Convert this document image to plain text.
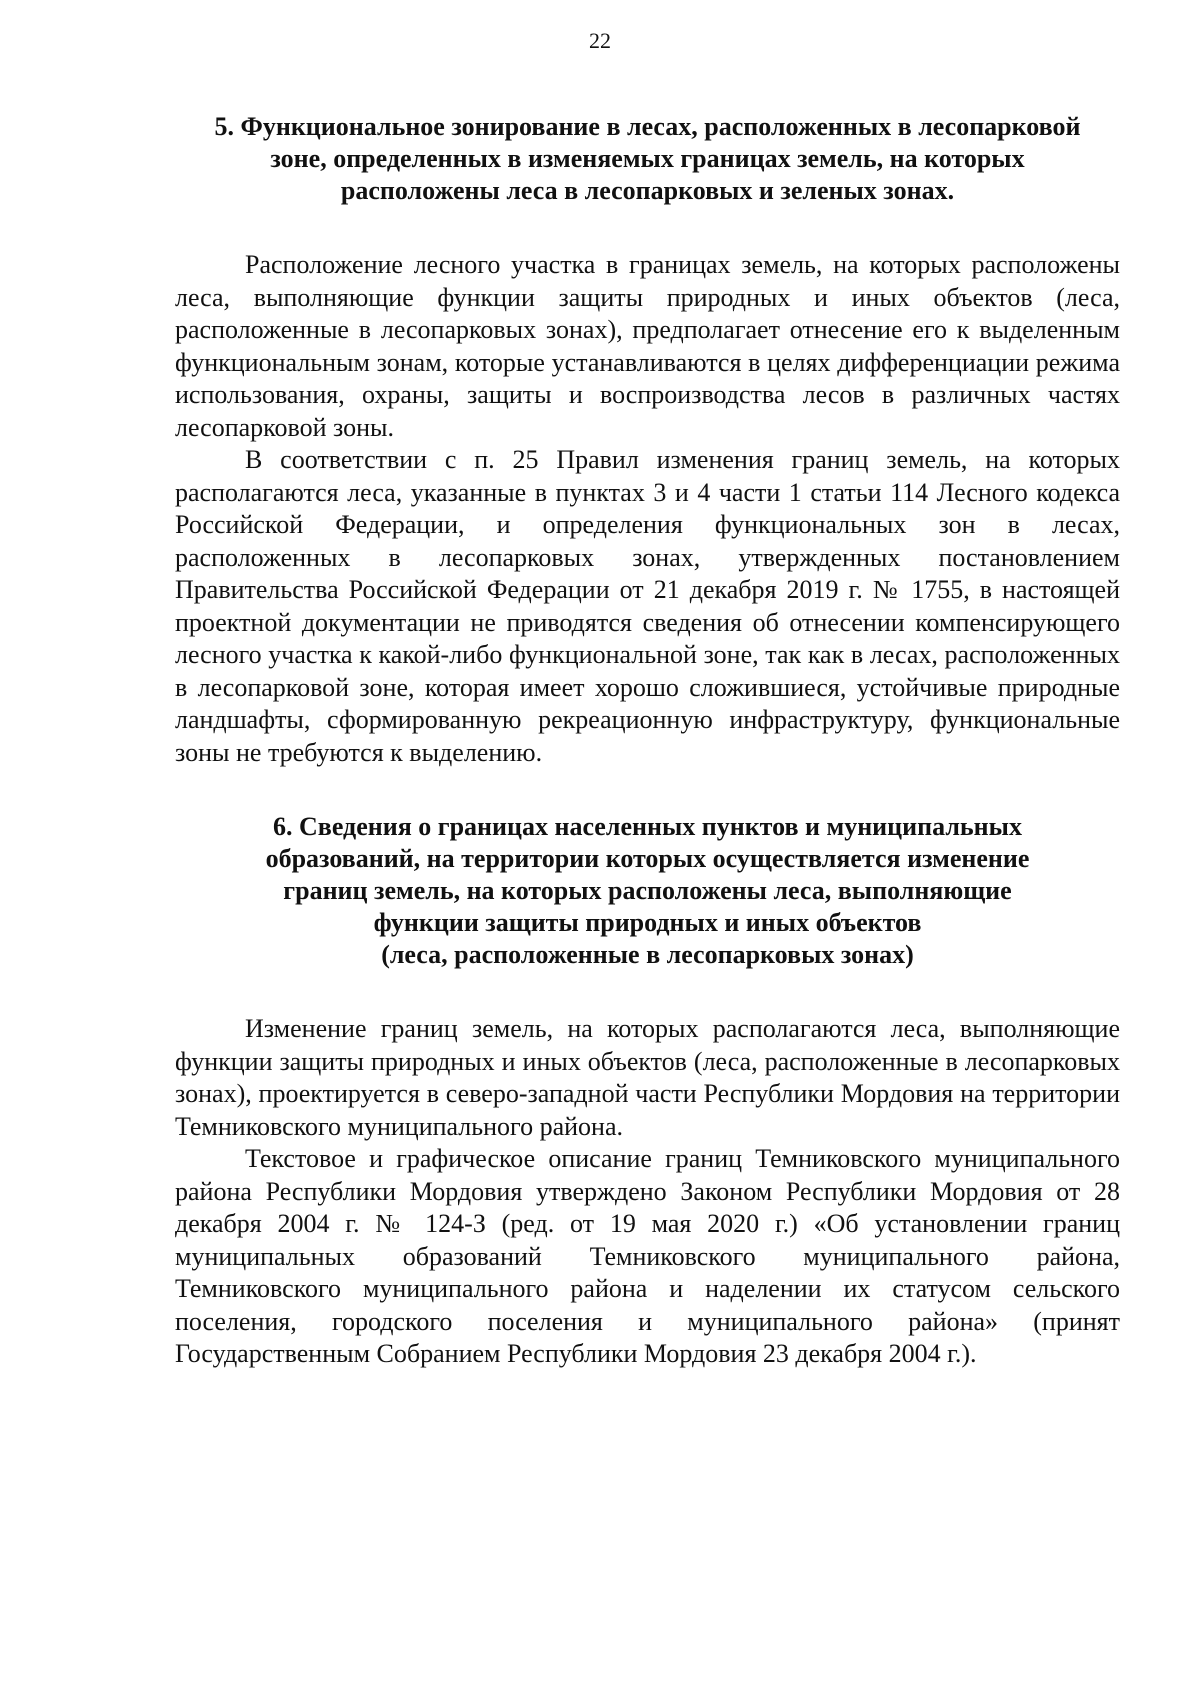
22
5. Функциональное зонирование в лесах, расположенных в лесопарковой
зоне, определенных в изменяемых границах земель, на которых
расположены леса в лесопарковых и зеленых зонах.

Расположение лесного участка в границах земель, на которых расположены леса, выполняющие функции защиты природных и иных объектов (леса, расположенные в лесопарковых зонах), предполагает отнесение его к выделенным функциональным зонам, которые устанавливаются в целях дифференциации режима использования, охраны, защиты и воспроизводства лесов в различных частях лесопарковой зоны.

В соответствии с п. 25 Правил изменения границ земель, на которых располагаются леса, указанные в пунктах 3 и 4 части 1 статьи 114 Лесного кодекса Российской Федерации, и определения функциональных зон в лесах, расположенных в лесопарковых зонах, утвержденных постановлением Правительства Российской Федерации от 21 декабря 2019 г. № 1755, в настоящей проектной документации не приводятся сведения об отнесении компенсирующего лесного участка к какой-либо функциональной зоне, так как в лесах, расположенных в лесопарковой зоне, которая имеет хорошо сложившиеся, устойчивые природные ландшафты, сформированную рекреационную инфраструктуру, функциональные зоны не требуются к выделению.

6. Сведения о границах населенных пунктов и муниципальных
образований, на территории которых осуществляется изменение
границ земель, на которых расположены леса, выполняющие
функции защиты природных и иных объектов
(леса, расположенные в лесопарковых зонах)

Изменение границ земель, на которых располагаются леса, выполняющие функции защиты природных и иных объектов (леса, расположенные в лесопарковых зонах), проектируется в северо-западной части Республики Мордовия на территории Темниковского муниципального района.

Текстовое и графическое описание границ Темниковского муниципального района Республики Мордовия утверждено Законом Республики Мордовия от 28 декабря 2004 г. № 124-З (ред. от 19 мая 2020 г.) «Об установлении границ муниципальных образований Темниковского муниципального района, Темниковского муниципального района и наделении их статусом сельского поселения, городского поселения и муниципального района» (принят Государственным Собранием Республики Мордовия 23 декабря 2004 г.).
